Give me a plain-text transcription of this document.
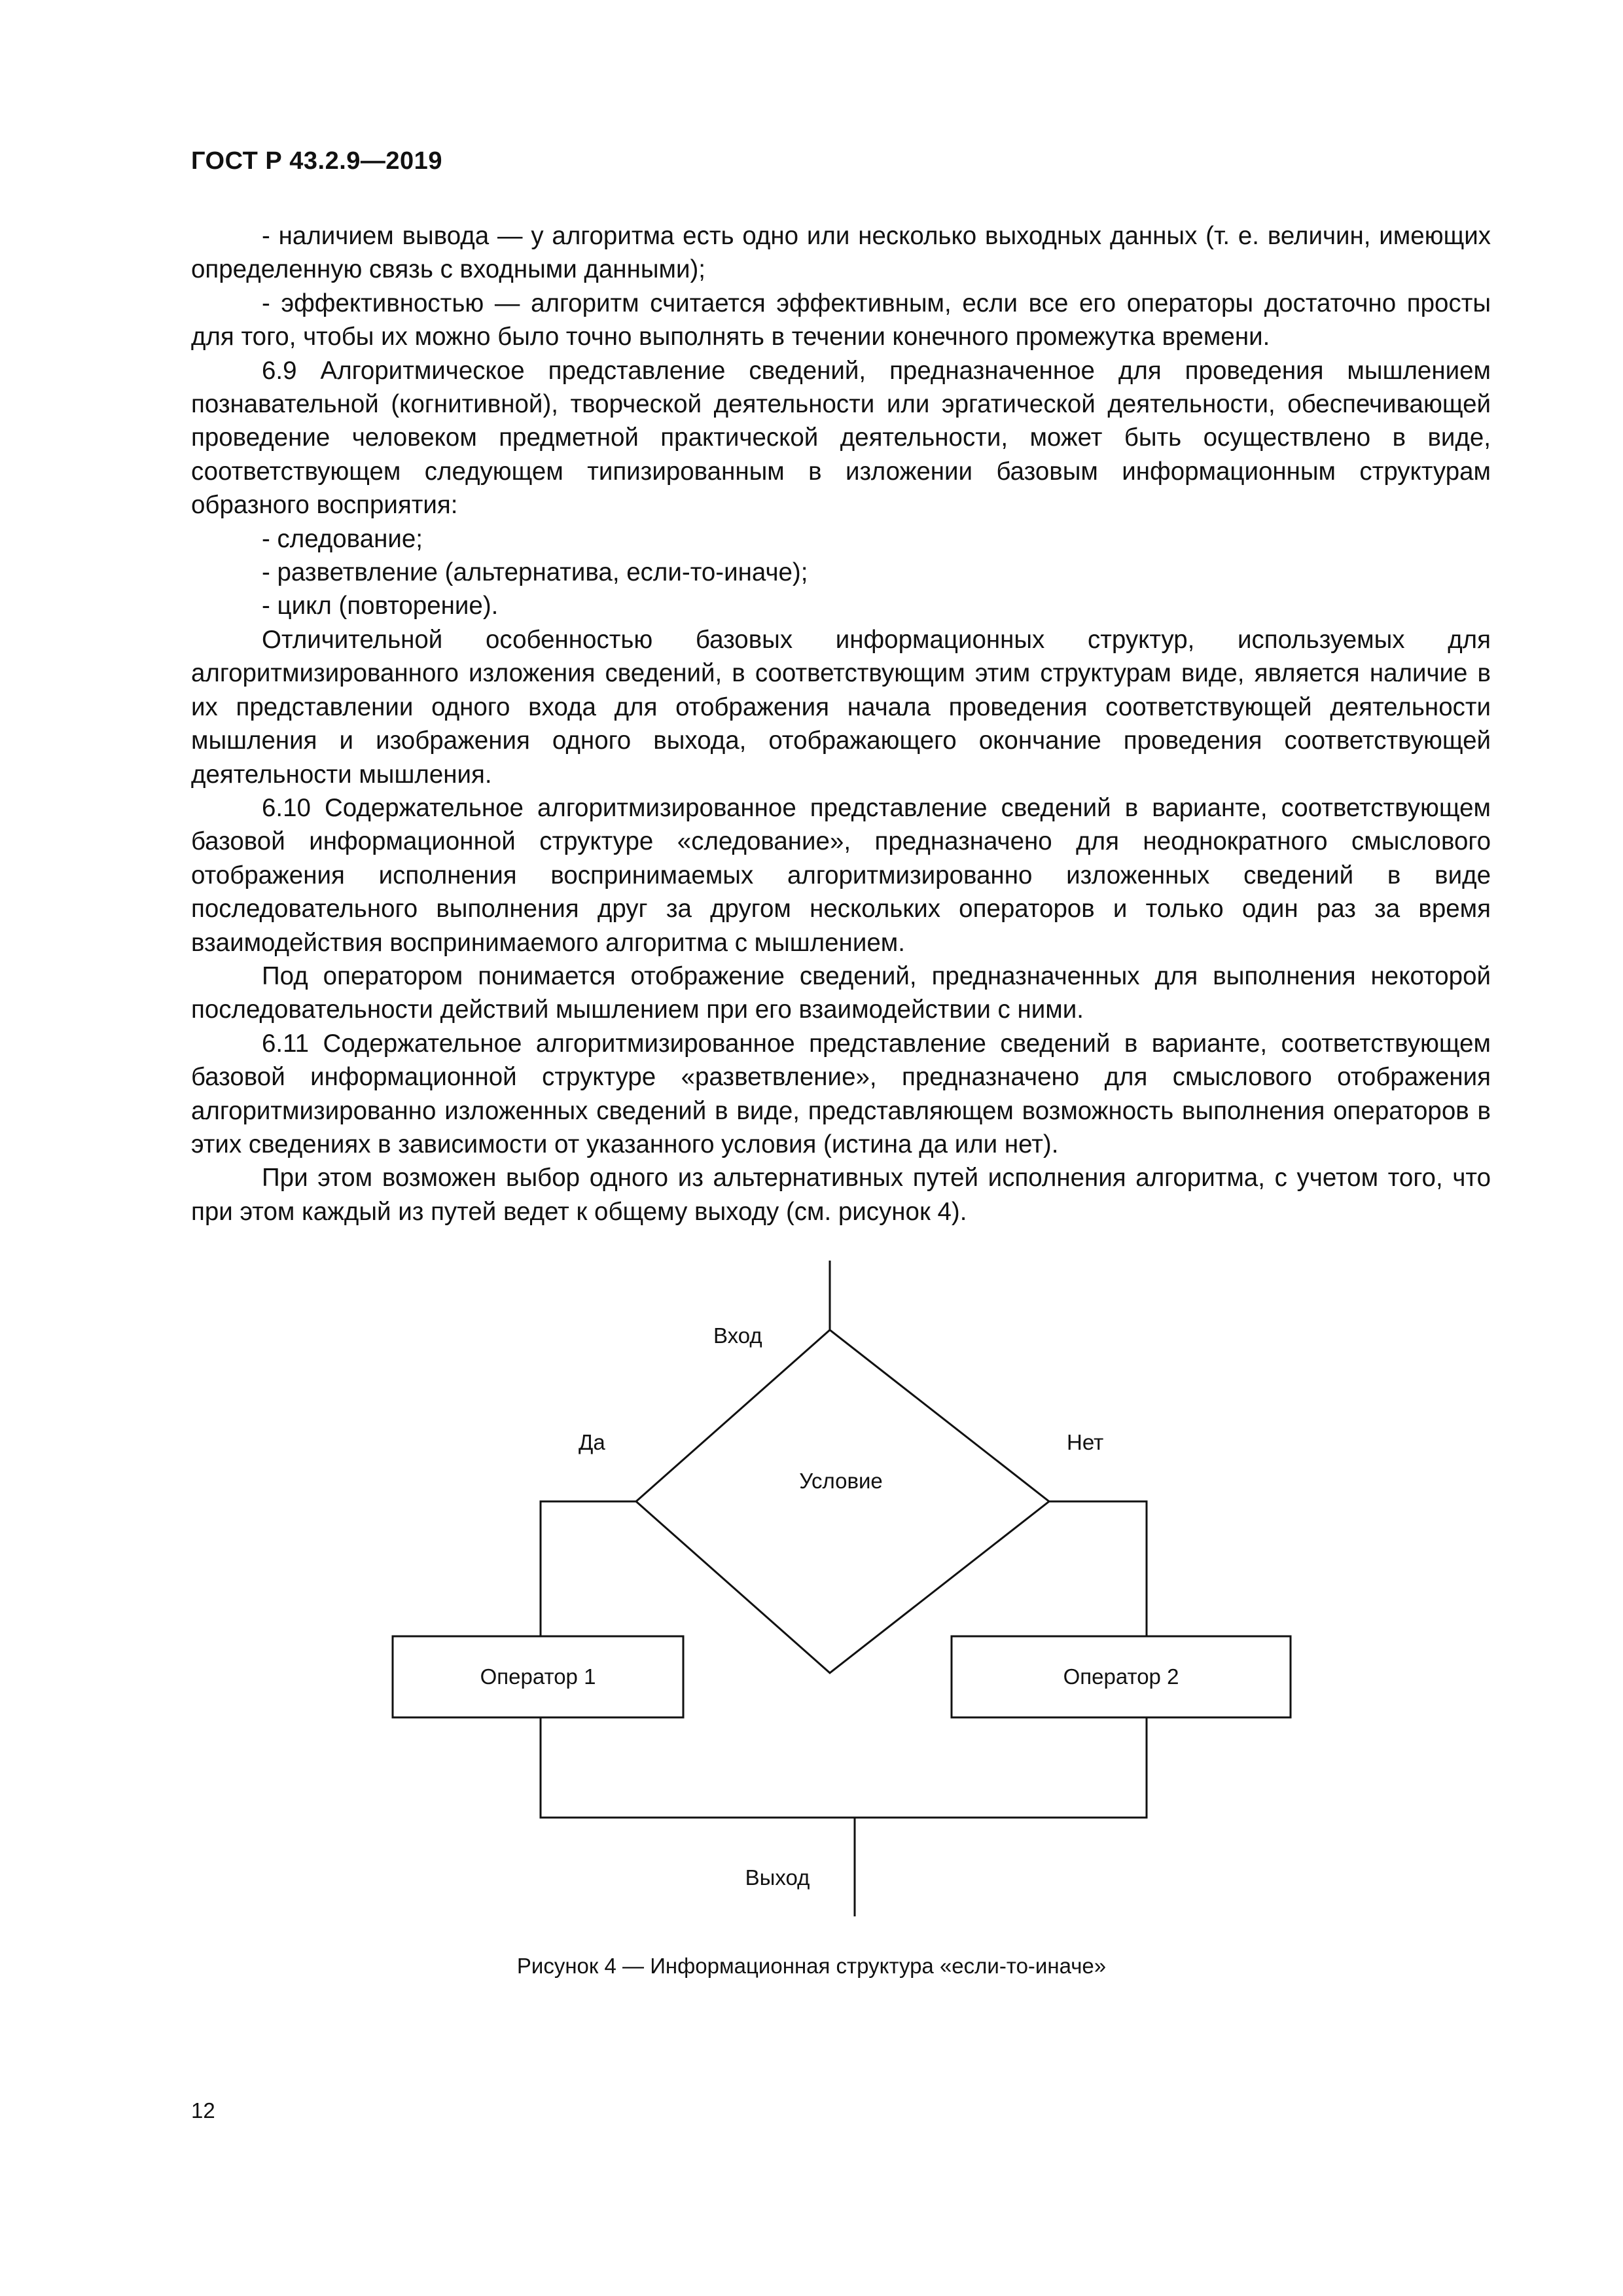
ГОСТ Р 43.2.9—2019

- наличием вывода — у алгоритма есть одно или несколько выходных данных (т. е. величин, имеющих определенную связь с входными данными);

- эффективностью — алгоритм считается эффективным, если все его операторы достаточно просты для того, чтобы их можно было точно выполнять в течении конечного промежутка времени.

6.9 Алгоритмическое представление сведений, предназначенное для проведения мышлением познавательной (когнитивной), творческой деятельности или эргатической деятельности, обеспечивающей проведение человеком предметной практической деятельности, может быть осуществлено в виде, соответствующем следующем типизированным в изложении базовым информационным структурам образного восприятия:

- следование;

- разветвление (альтернатива, если-то-иначе);

- цикл (повторение).

Отличительной особенностью базовых информационных структур, используемых для алгоритмизированного изложения сведений, в соответствующим этим структурам виде, является наличие в их представлении одного входа для отображения начала проведения соответствующей деятельности мышления и изображения одного выхода, отображающего окончание проведения соответствующей деятельности мышления.

6.10 Содержательное алгоритмизированное представление сведений в варианте, соответствующем базовой информационной структуре «следование», предназначено для неоднократного смыслового отображения исполнения воспринимаемых алгоритмизированно изложенных сведений в виде последовательного выполнения друг за другом нескольких операторов и только один раз за время взаимодействия воспринимаемого алгоритма с мышлением.

Под оператором понимается отображение сведений, предназначенных для выполнения некоторой последовательности действий мышлением при его взаимодействии с ними.

6.11 Содержательное алгоритмизированное представление сведений в варианте, соответствующем базовой информационной структуре «разветвление», предназначено для смыслового отображения алгоритмизированно изложенных сведений в виде, представляющем возможность выполнения операторов в этих сведениях в зависимости от указанного условия (истина да или нет).

При этом возможен выбор одного из альтернативных путей исполнения алгоритма, с учетом того, что при этом каждый из путей ведет к общему выходу (см. рисунок 4).

Вход
Да	Нет
Условие
Оператор 1	Оператор 2
Выход
Рисунок 4 — Информационная структура «если-то-иначе»
12
